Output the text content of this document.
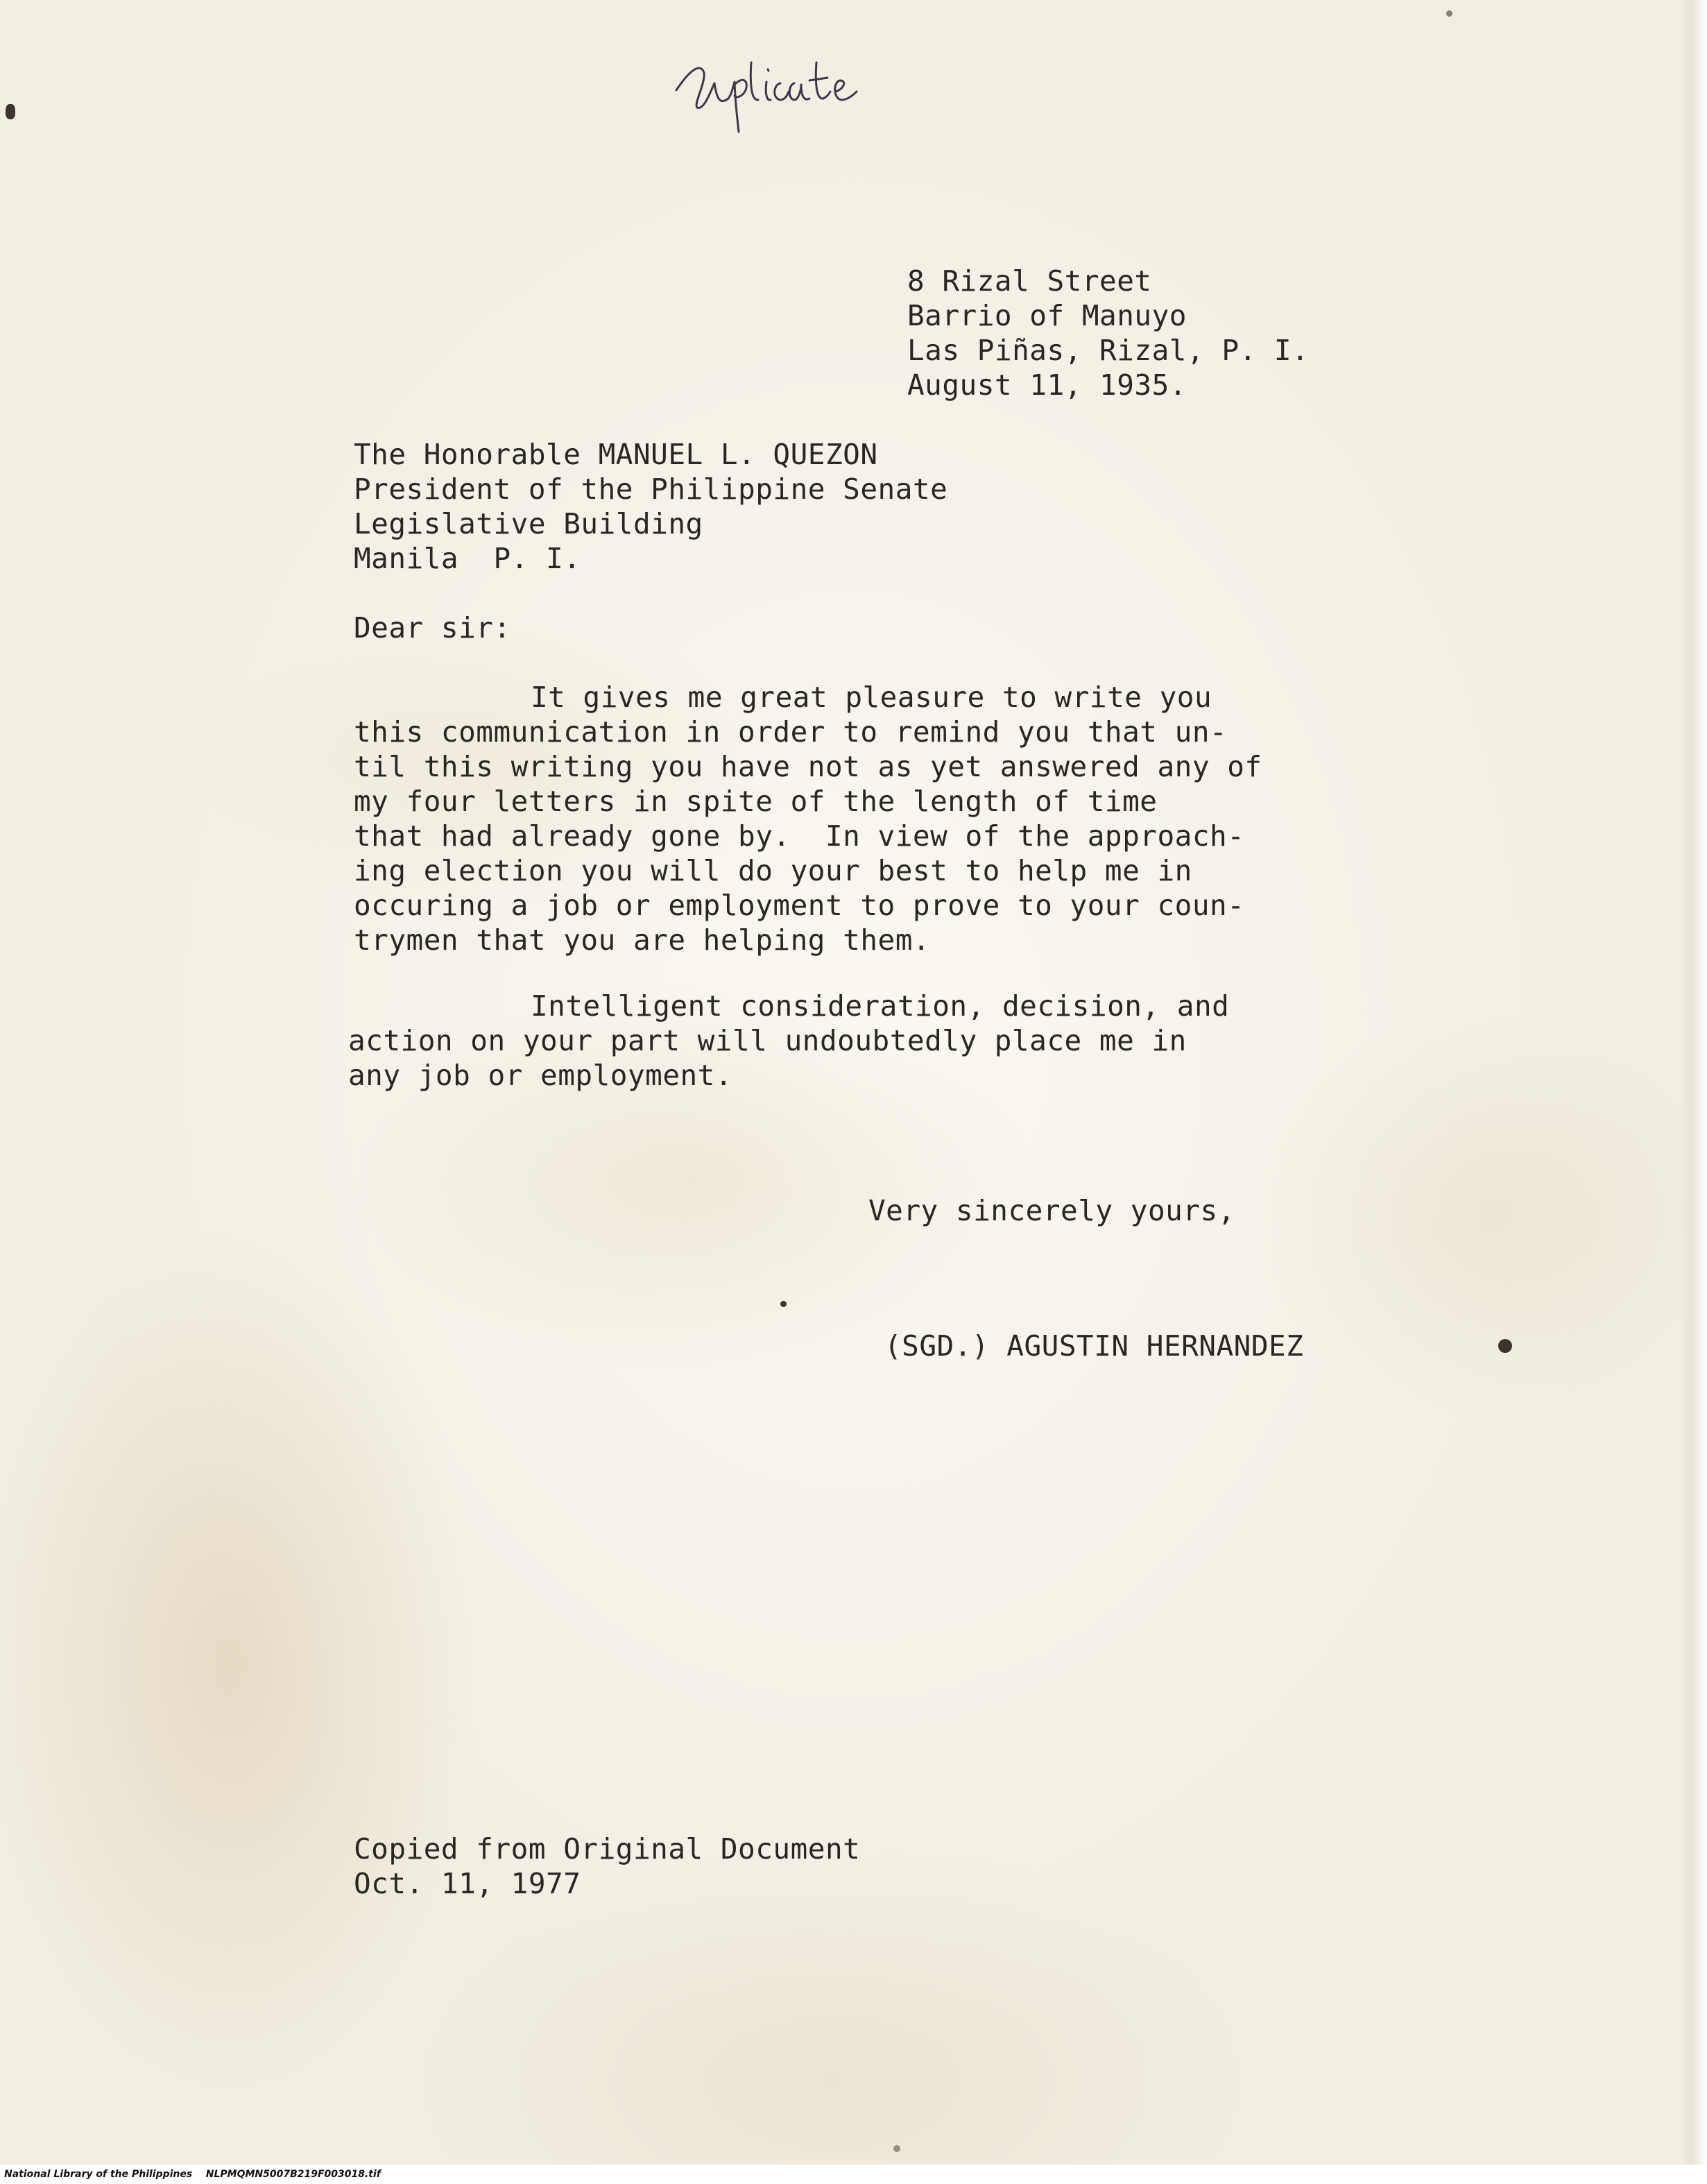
8 Rizal Street
Barrio of Manuyo
Las Piñas, Rizal, P. I.
August 11, 1935.
The Honorable MANUEL L. QUEZON
President of the Philippine Senate
Legislative Building
Manila  P. I.
Dear sir:
It gives me great pleasure to write you
this communication in order to remind you that un-
til this writing you have not as yet answered any of
my four letters in spite of the length of time
that had already gone by.  In view of the approach-
ing election you will do your best to help me in
occuring a job or employment to prove to your coun-
trymen that you are helping them.
Intelligent consideration, decision, and
action on your part will undoubtedly place me in
any job or employment.
Very sincerely yours,
(SGD.) AGUSTIN HERNANDEZ
Copied from Original Document
Oct. 11, 1977
National Library of the Philippines NLPMQMN5007B219F003018.tif
